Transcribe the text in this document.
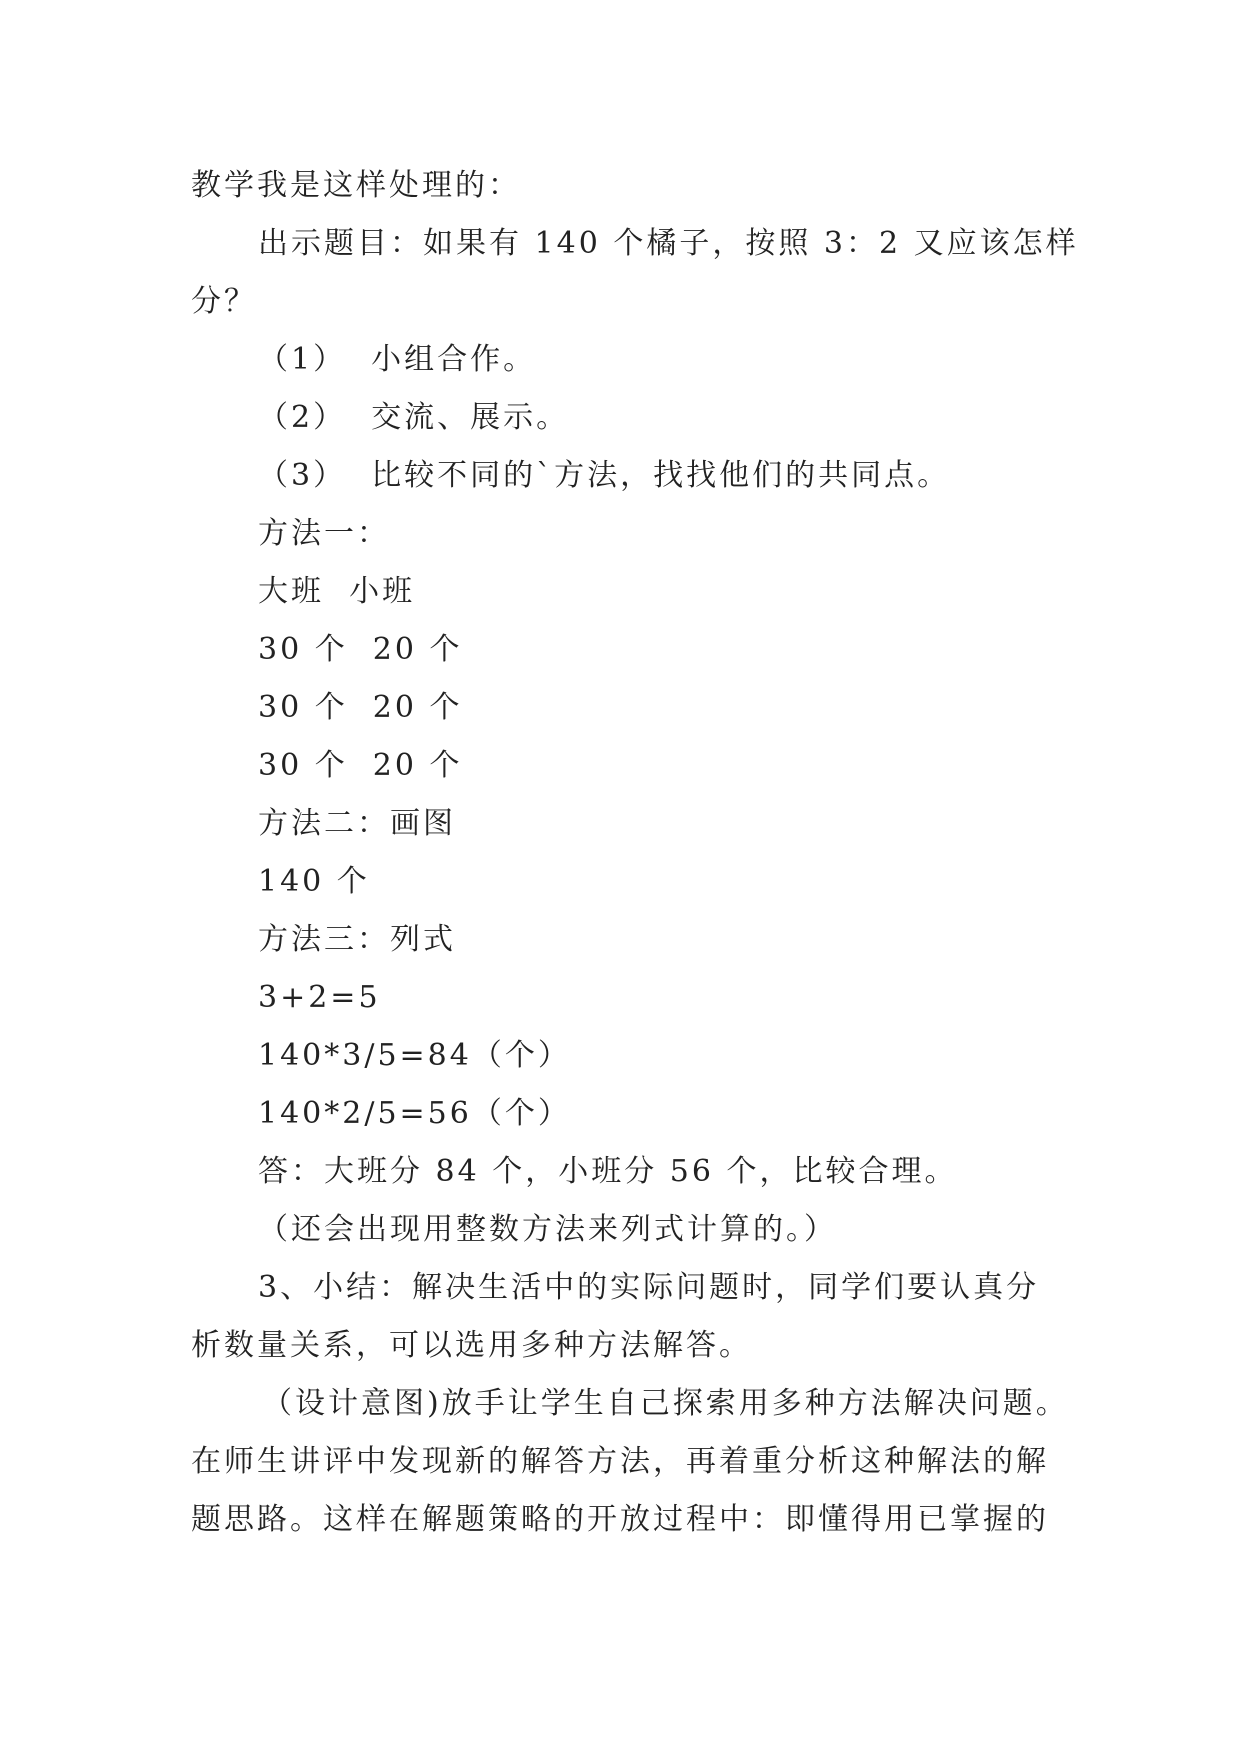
教学我是这样处理的：
出示题目：如果有 140 个橘子，按照 3：2 又应该怎样
分？
（1）  小组合作。
（2）  交流、展示。
（3）  比较不同的`方法，找找他们的共同点。
方法一：
大班  小班
30 个  20 个
30 个  20 个
30 个  20 个
方法二：画图
140 个
方法三：列式
3+2=5
140*3/5=84（个）
140*2/5=56（个）
答：大班分 84 个，小班分 56 个，比较合理。
（还会出现用整数方法来列式计算的。）
3、小结：解决生活中的实际问题时，同学们要认真分
析数量关系，可以选用多种方法解答。
（设计意图)放手让学生自己探索用多种方法解决问题。
在师生讲评中发现新的解答方法，再着重分析这种解法的解
题思路。这样在解题策略的开放过程中：即懂得用已掌握的
